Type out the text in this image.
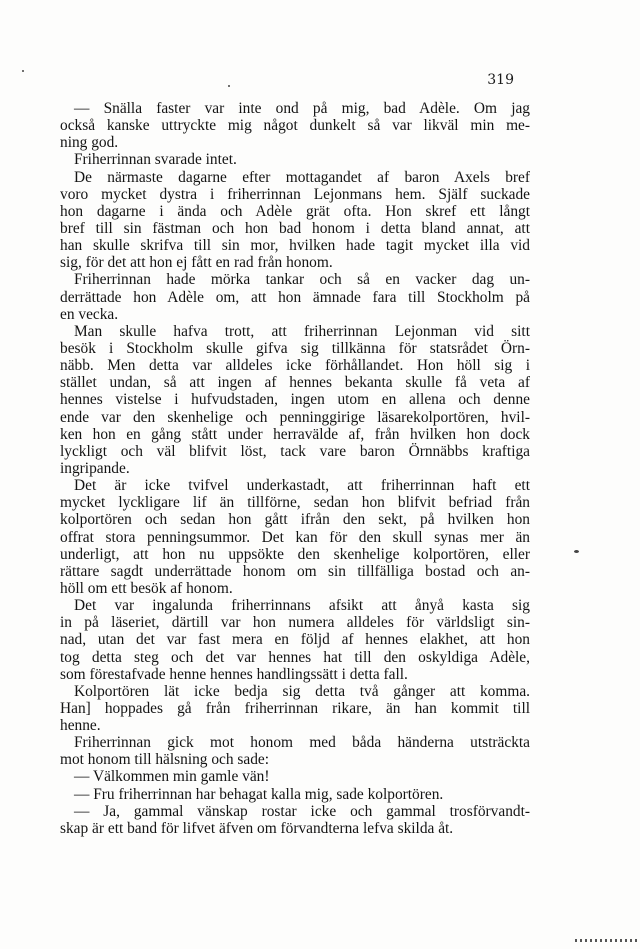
319
— Snälla faster var inte ond på mig, bad Adèle. Om jag
också kanske uttryckte mig något dunkelt så var likväl min me-
ning god.
Friherrinnan svarade intet.
De närmaste dagarne efter mottagandet af baron Axels bref
voro mycket dystra i friherrinnan Lejonmans hem. Själf suckade
hon dagarne i ända och Adèle grät ofta. Hon skref ett långt
bref till sin fästman och hon bad honom i detta bland annat, att
han skulle skrifva till sin mor, hvilken hade tagit mycket illa vid
sig, för det att hon ej fått en rad från honom.
Friherrinnan hade mörka tankar och så en vacker dag un-
derrättade hon Adèle om, att hon ämnade fara till Stockholm på
en vecka.
Man skulle hafva trott, att friherrinnan Lejonman vid sitt
besök i Stockholm skulle gifva sig tillkänna för statsrådet Örn-
näbb. Men detta var alldeles icke förhållandet. Hon höll sig i
stället undan, så att ingen af hennes bekanta skulle få veta af
hennes vistelse i hufvudstaden, ingen utom en allena och denne
ende var den skenhelige och penninggirige läsarekolportören, hvil-
ken hon en gång stått under herravälde af, från hvilken hon dock
lyckligt och väl blifvit löst, tack vare baron Örnnäbbs kraftiga
ingripande.
Det är icke tvifvel underkastadt, att friherrinnan haft ett
mycket lyckligare lif än tillförne, sedan hon blifvit befriad från
kolportören och sedan hon gått ifrån den sekt, på hvilken hon
offrat stora penningsummor. Det kan för den skull synas mer än
underligt, att hon nu uppsökte den skenhelige kolportören, eller
rättare sagdt underrättade honom om sin tillfälliga bostad och an-
höll om ett besök af honom.
Det var ingalunda friherrinnans afsikt att ånyå kasta sig
in på läseriet, därtill var hon numera alldeles för världsligt sin-
nad, utan det var fast mera en följd af hennes elakhet, att hon
tog detta steg och det var hennes hat till den oskyldiga Adèle,
som förestafvade henne hennes handlingssätt i detta fall.
Kolportören lät icke bedja sig detta två gånger att komma.
Han] hoppades gå från friherrinnan rikare, än han kommit till
henne.
Friherrinnan gick mot honom med båda händerna utsträckta
mot honom till hälsning och sade:
— Välkommen min gamle vän!
— Fru friherrinnan har behagat kalla mig, sade kolportören.
— Ja, gammal vänskap rostar icke och gammal trosförvandt-
skap är ett band för lifvet äfven om förvandterna lefva skilda åt.
